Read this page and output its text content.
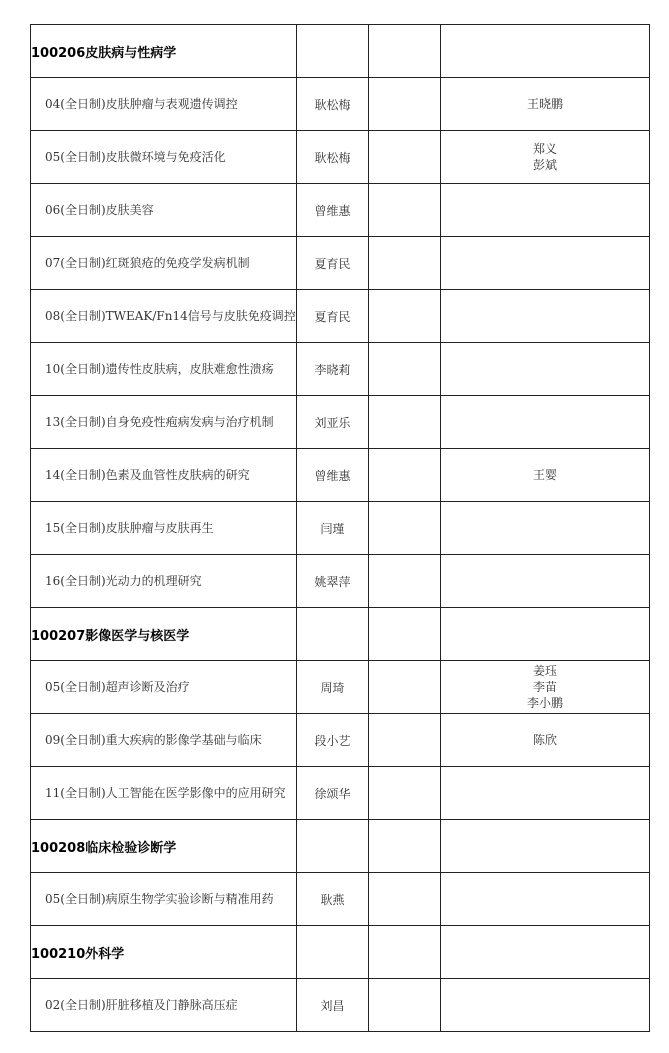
100206皮肤病与性病学			

04(全日制)皮肤肿瘤与表观遗传调控	耿松梅		王晓鹏

05(全日制)皮肤微环境与免疫活化	耿松梅		郑义
彭斌

06(全日制)皮肤美容	曾维惠		

07(全日制)红斑狼疮的免疫学发病机制	夏育民		

08(全日制)TWEAK/Fn14信号与皮肤免疫调控	夏育民		

10(全日制)遗传性皮肤病，皮肤难愈性溃疡	李晓莉		

13(全日制)自身免疫性疱病发病与治疗机制	刘亚乐		

14(全日制)色素及血管性皮肤病的研究	曾维惠		王婴

15(全日制)皮肤肿瘤与皮肤再生	闫瑾		

16(全日制)光动力的机理研究	姚翠萍		
100207影像医学与核医学			

05(全日制)超声诊断及治疗	周琦		姜珏
李苗
李小鹏

09(全日制)重大疾病的影像学基础与临床	段小艺		陈欣

11(全日制)人工智能在医学影像中的应用研究	徐颂华		
100208临床检验诊断学			

05(全日制)病原生物学实验诊断与精准用药	耿燕		
100210外科学			

02(全日制)肝脏移植及门静脉高压症	刘昌		
